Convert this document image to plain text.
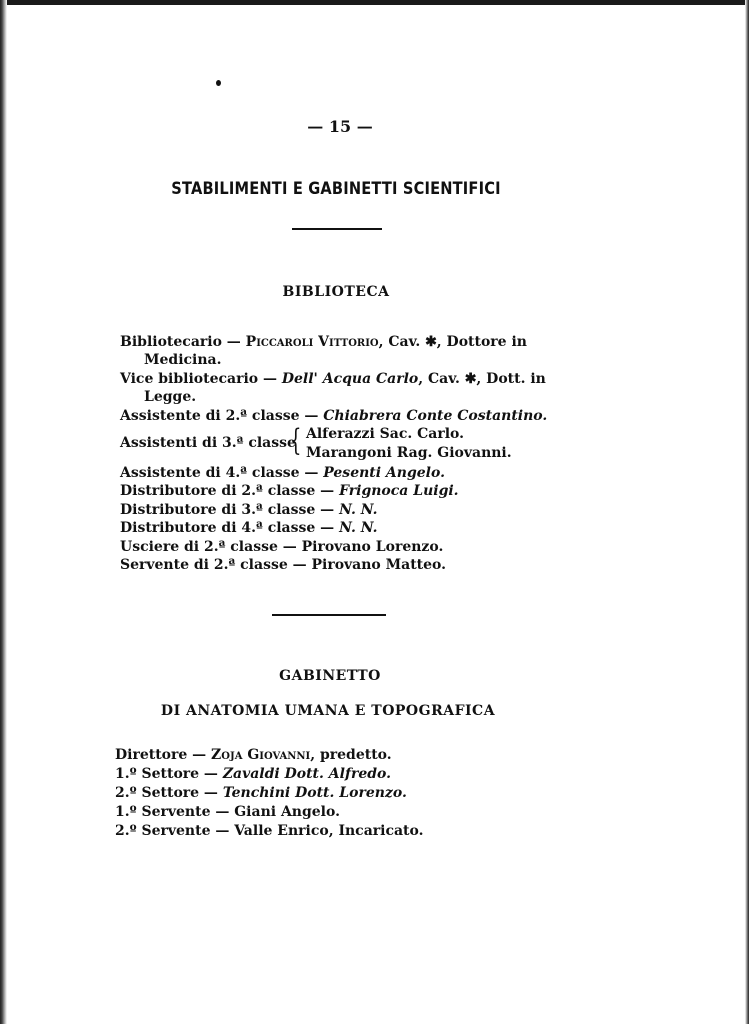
— 15 —
STABILIMENTI E GABINETTI SCIENTIFICI
BIBLIOTECA
Bibliotecario — Piccaroli Vittorio, Cav. ✱, Dottore in
Medicina.
Vice bibliotecario — Dell' Acqua Carlo, Cav. ✱, Dott. in
Legge.
Assistente di 2.ª classe — Chiabrera Conte Costantino.
Assistenti di 3.ª classe
{ Alferazzi Sac. Carlo.
Marangoni Rag. Giovanni.
Assistente di 4.ª classe — Pesenti Angelo.
Distributore di 2.ª classe — Frignoca Luigi.
Distributore di 3.ª classe — N. N.
Distributore di 4.ª classe — N. N.
Usciere di 2.ª classe — Pirovano Lorenzo.
Servente di 2.ª classe — Pirovano Matteo.
GABINETTO
DI ANATOMIA UMANA E TOPOGRAFICA
Direttore — Zoja Giovanni, predetto.
1.º Settore — Zavaldi Dott. Alfredo.
2.º Settore — Tenchini Dott. Lorenzo.
1.º Servente — Giani Angelo.
2.º Servente — Valle Enrico, Incaricato.
